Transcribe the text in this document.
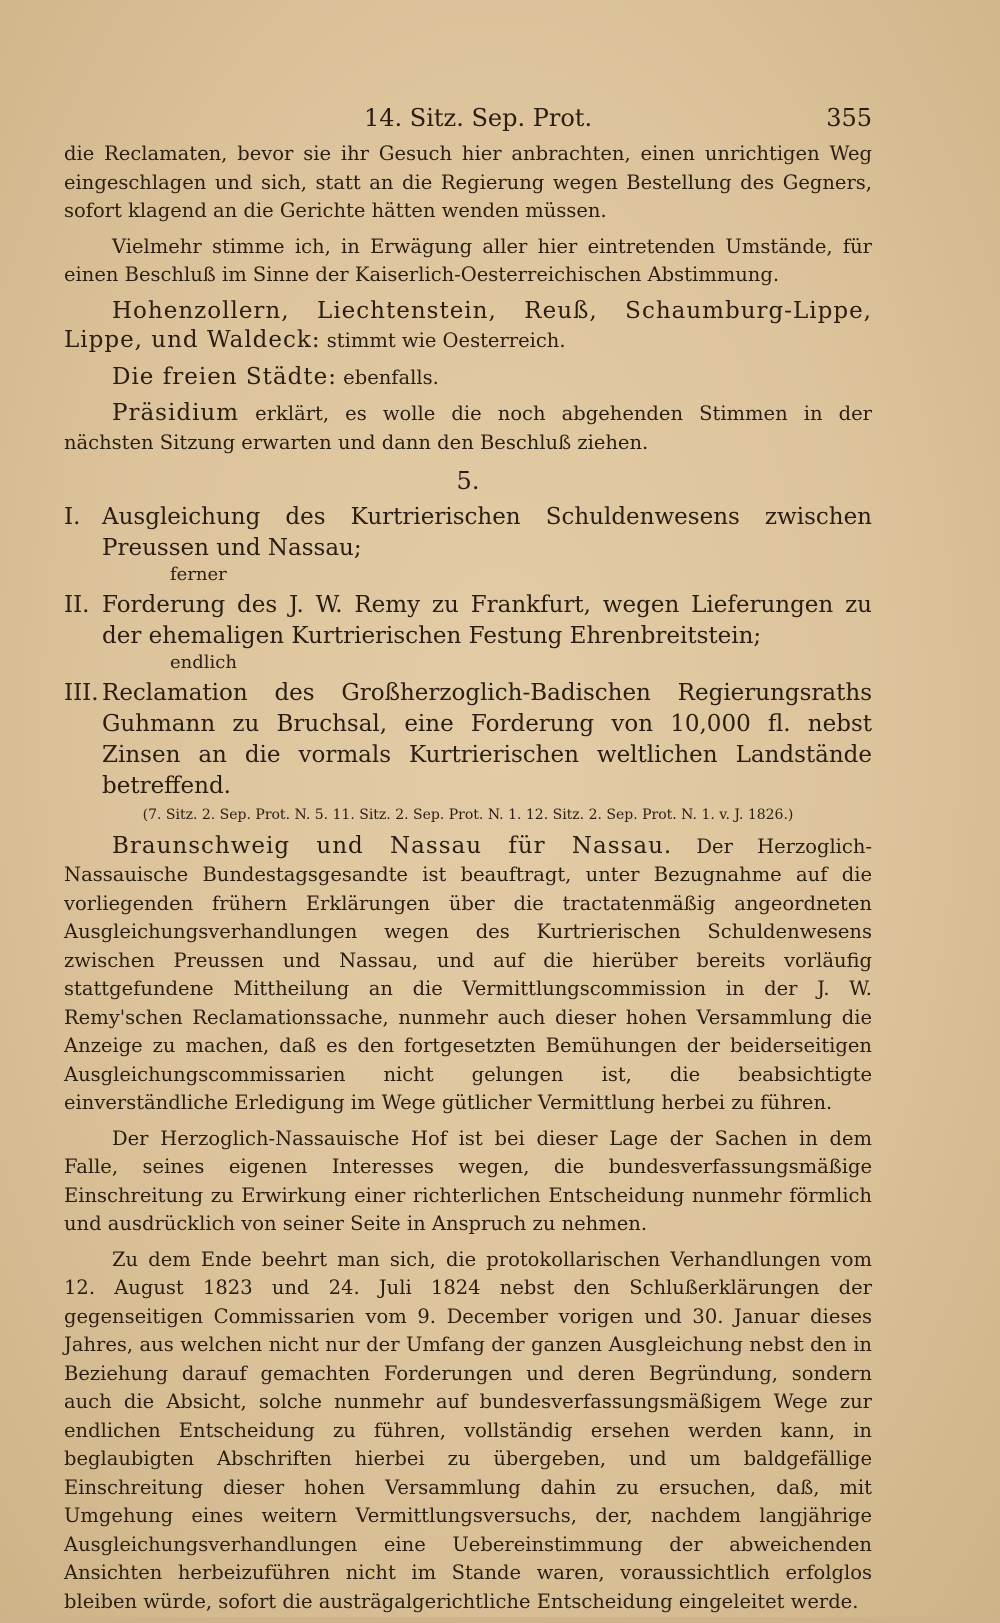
14. Sitz. Sep. Prot.	355

die Reclamaten, bevor sie ihr Gesuch hier anbrachten, einen unrichtigen Weg eingeschlagen und sich, statt an die Regierung wegen Bestellung des Gegners, sofort klagend an die Gerichte hätten wenden müssen.

Vielmehr stimme ich, in Erwägung aller hier eintretenden Umstände, für einen Beschluß im Sinne der Kaiserlich-Oesterreichischen Abstimmung.

Hohenzollern, Liechtenstein, Reuß, Schaumburg-Lippe, Lippe, und Waldeck: stimmt wie Oesterreich.

Die freien Städte: ebenfalls.

Präsidium erklärt, es wolle die noch abgehenden Stimmen in der nächsten Sitzung erwarten und dann den Beschluß ziehen.

5.
I. Ausgleichung des Kurtrierischen Schuldenwesens zwischen Preussen und Nassau;
ferner
II. Forderung des J. W. Remy zu Frankfurt, wegen Lieferungen zu der ehemaligen Kurtrierischen Festung Ehrenbreitstein;
endlich
III. Reclamation des Großherzoglich-Badischen Regierungsraths Guhmann zu Bruchsal, eine Forderung von 10,000 fl. nebst Zinsen an die vormals Kurtrierischen weltlichen Landstände betreffend.
(7. Sitz. 2. Sep. Prot. N. 5. 11. Sitz. 2. Sep. Prot. N. 1. 12. Sitz. 2. Sep. Prot. N. 1. v. J. 1826.)

Braunschweig und Nassau für Nassau. Der Herzoglich-Nassauische Bundestagsgesandte ist beauftragt, unter Bezugnahme auf die vorliegenden frühern Erklärungen über die tractatenmäßig angeordneten Ausgleichungsverhandlungen wegen des Kurtrierischen Schuldenwesens zwischen Preussen und Nassau, und auf die hierüber bereits vorläufig stattgefundene Mittheilung an die Vermittlungscommission in der J. W. Remy'schen Reclamationssache, nunmehr auch dieser hohen Versammlung die Anzeige zu machen, daß es den fortgesetzten Bemühungen der beiderseitigen Ausgleichungscommissarien nicht gelungen ist, die beabsichtigte einverständliche Erledigung im Wege gütlicher Vermittlung herbei zu führen.

Der Herzoglich-Nassauische Hof ist bei dieser Lage der Sachen in dem Falle, seines eigenen Interesses wegen, die bundesverfassungsmäßige Einschreitung zu Erwirkung einer richterlichen Entscheidung nunmehr förmlich und ausdrücklich von seiner Seite in Anspruch zu nehmen.

Zu dem Ende beehrt man sich, die protokollarischen Verhandlungen vom 12. August 1823 und 24. Juli 1824 nebst den Schlußerklärungen der gegenseitigen Commissarien vom 9. December vorigen und 30. Januar dieses Jahres, aus welchen nicht nur der Umfang der ganzen Ausgleichung nebst den in Beziehung darauf gemachten Forderungen und deren Begründung, sondern auch die Absicht, solche nunmehr auf bundesverfassungsmäßigem Wege zur endlichen Entscheidung zu führen, vollständig ersehen werden kann, in beglaubigten Abschriften hierbei zu übergeben, und um baldgefällige Einschreitung dieser hohen Versammlung dahin zu ersuchen, daß, mit Umgehung eines weitern Vermittlungsversuchs, der, nachdem langjährige Ausgleichungsverhandlungen eine Uebereinstimmung der abweichenden Ansichten herbeizuführen nicht im Stande waren, voraussichtlich erfolglos bleiben würde, sofort die austrägalgerichtliche Entscheidung eingeleitet werde.
